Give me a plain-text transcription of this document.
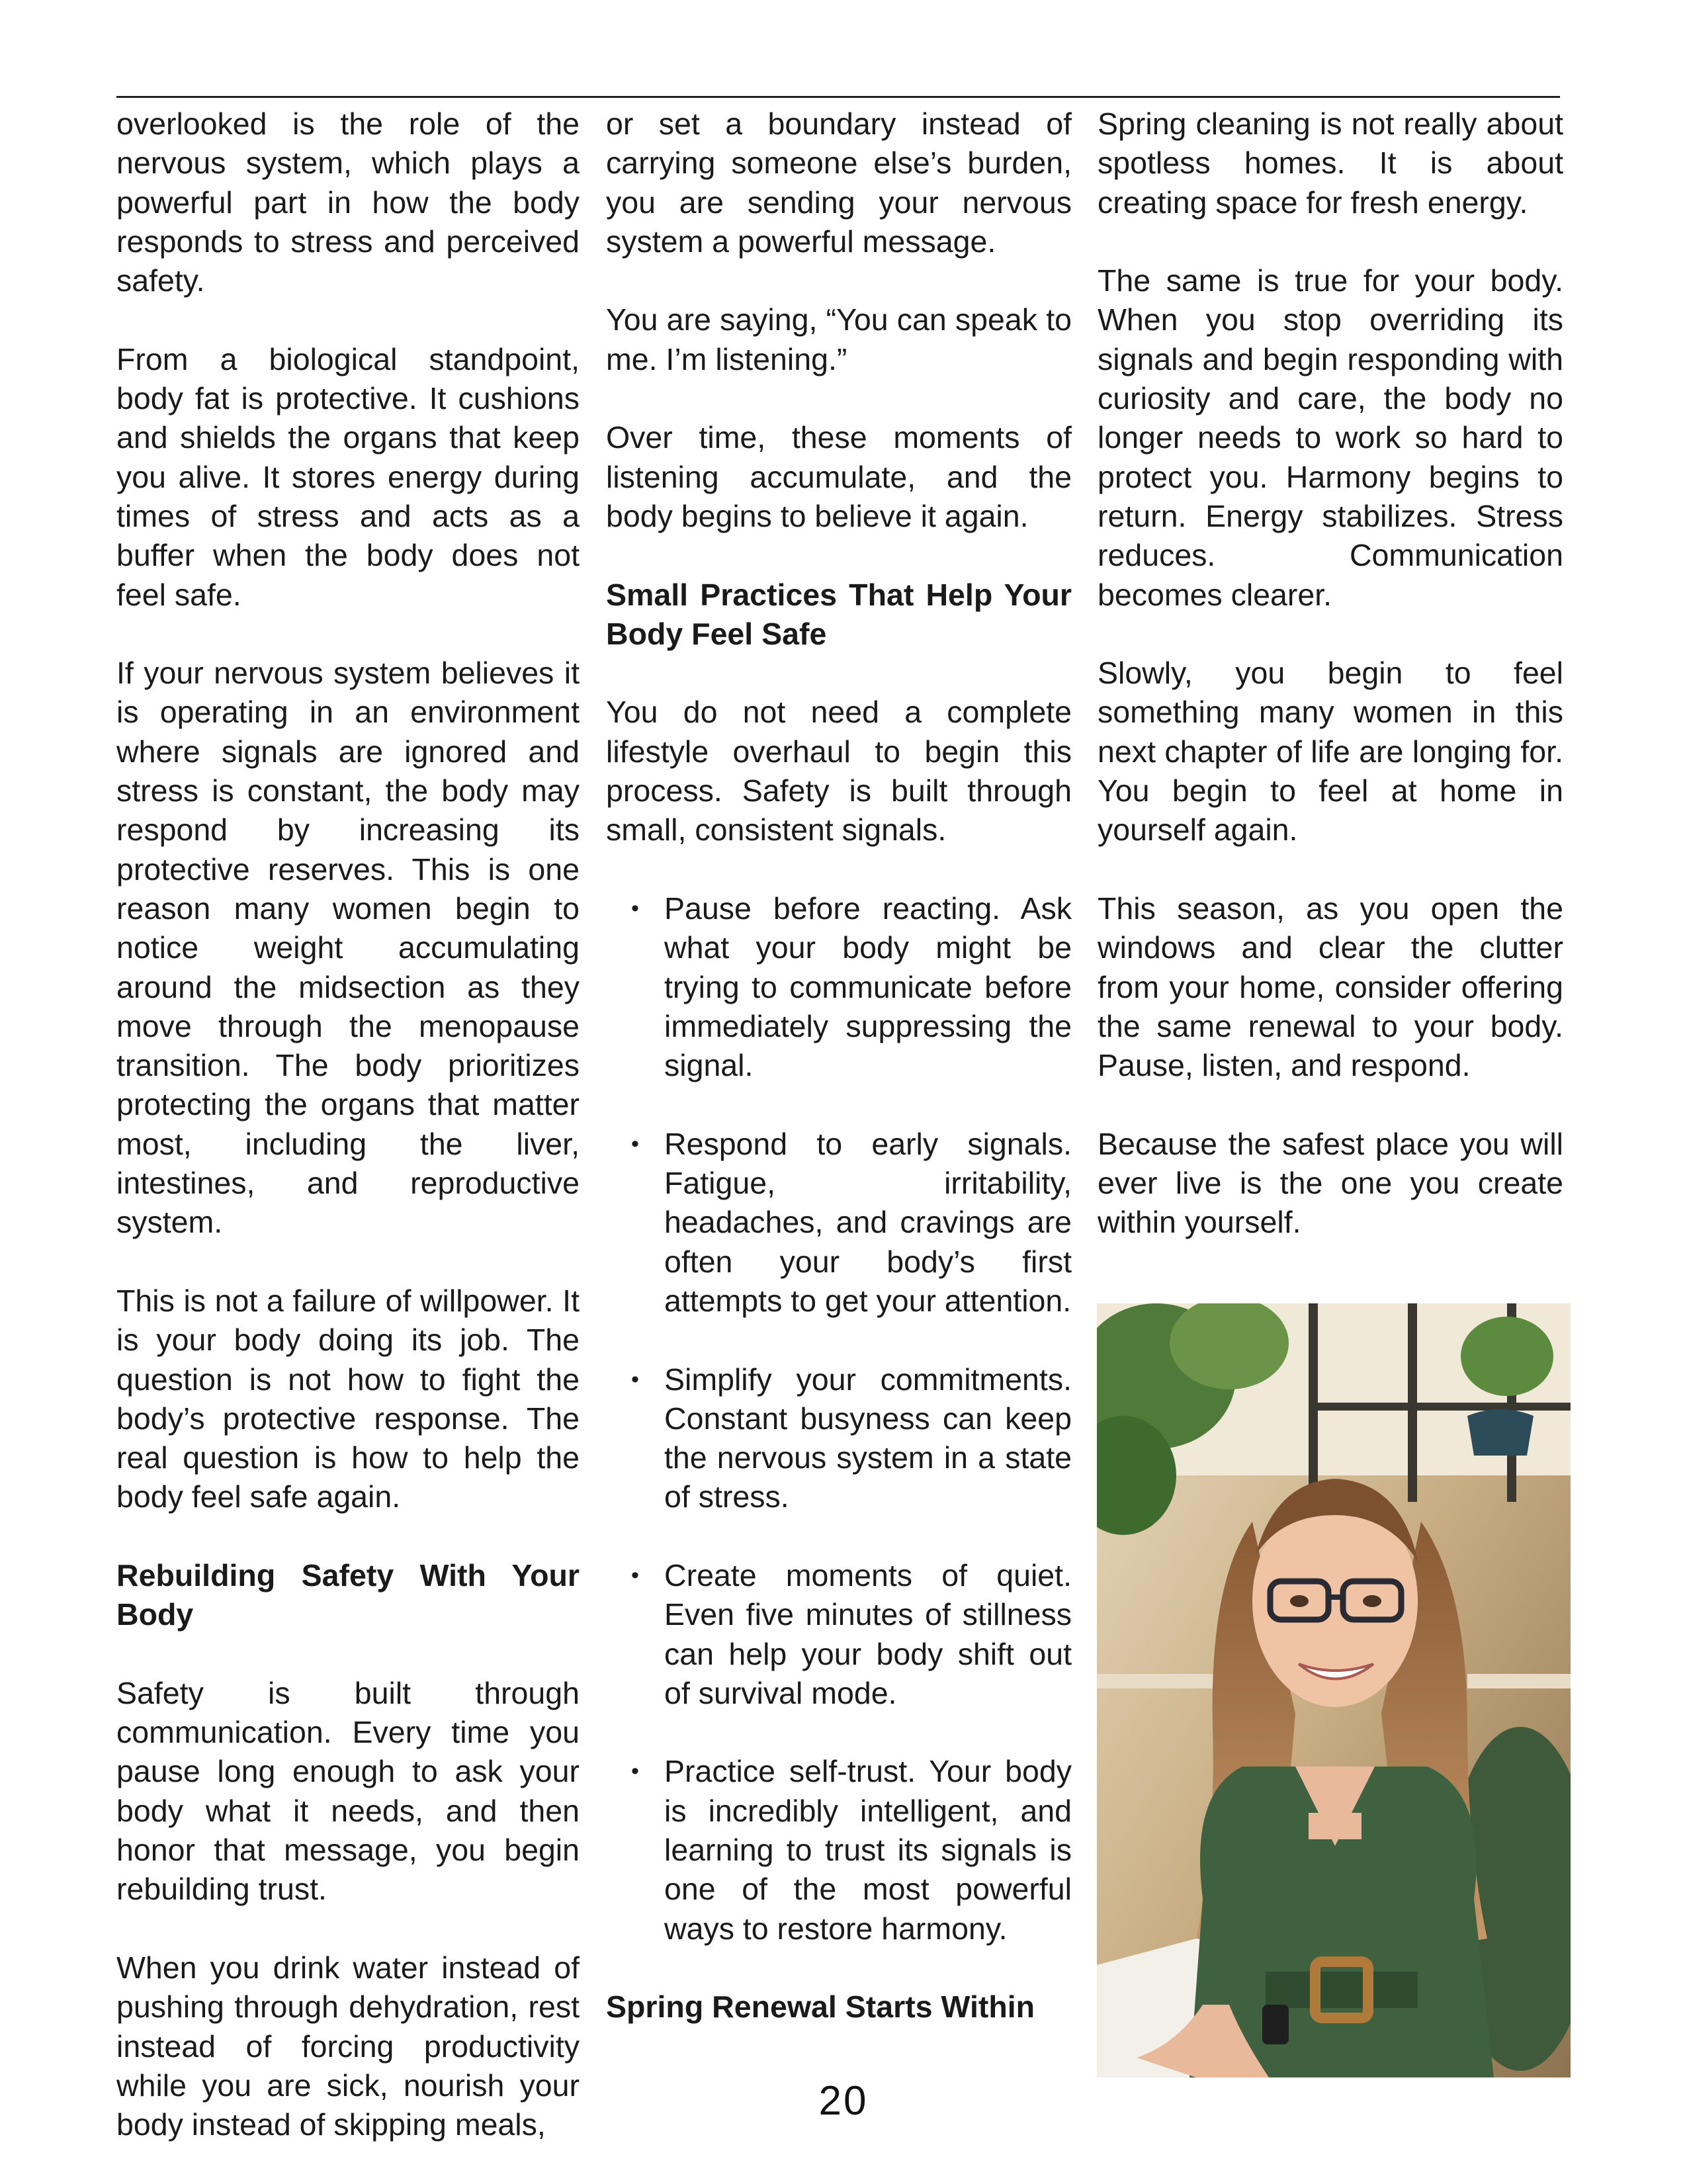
overlooked is the role of the nervous system, which plays a powerful part in how the body responds to stress and perceived safety.

From a biological standpoint, body fat is protective. It cushions and shields the organs that keep you alive. It stores energy during times of stress and acts as a buffer when the body does not feel safe.

If your nervous system believes it is operating in an environment where signals are ignored and stress is constant, the body may respond by increasing its protective reserves. This is one reason many women begin to notice weight accumulating around the midsection as they move through the menopause transition. The body prioritizes protecting the organs that matter most, including the liver, intestines, and reproductive system.

This is not a failure of willpower. It is your body doing its job. The question is not how to fight the body’s protective response. The real question is how to help the body feel safe again.

Rebuilding Safety With Your Body

Safety is built through communication. Every time you pause long enough to ask your body what it needs, and then honor that message, you begin rebuilding trust.

When you drink water instead of pushing through dehydration, rest instead of forcing productivity while you are sick, nourish your body instead of skipping meals,

or set a boundary instead of carrying someone else’s burden, you are sending your nervous system a powerful message.

You are saying, “You can speak to me. I’m listening.”

Over time, these moments of listening accumulate, and the body begins to believe it again.

Small Practices That Help Your Body Feel Safe

You do not need a complete lifestyle overhaul to begin this process. Safety is built through small, consistent signals.

• Pause before reacting. Ask what your body might be trying to communicate before immediately suppressing the signal.
• Respond to early signals. Fatigue, irritability, headaches, and cravings are often your body’s first attempts to get your attention.
• Simplify your commitments. Constant busyness can keep the nervous system in a state of stress.
• Create moments of quiet. Even five minutes of stillness can help your body shift out of survival mode.
• Practice self-trust. Your body is incredibly intelligent, and learning to trust its signals is one of the most powerful ways to restore harmony.
Spring Renewal Starts Within

Spring cleaning is not really about spotless homes. It is about creating space for fresh energy.

The same is true for your body. When you stop overriding its signals and begin responding with curiosity and care, the body no longer needs to work so hard to protect you. Harmony begins to return. Energy stabilizes. Stress reduces. Communication becomes clearer.

Slowly, you begin to feel something many women in this next chapter of life are longing for. You begin to feel at home in yourself again.

This season, as you open the windows and clear the clutter from your home, consider offering the same renewal to your body. Pause, listen, and respond.

Because the safest place you will ever live is the one you create within yourself.

20
